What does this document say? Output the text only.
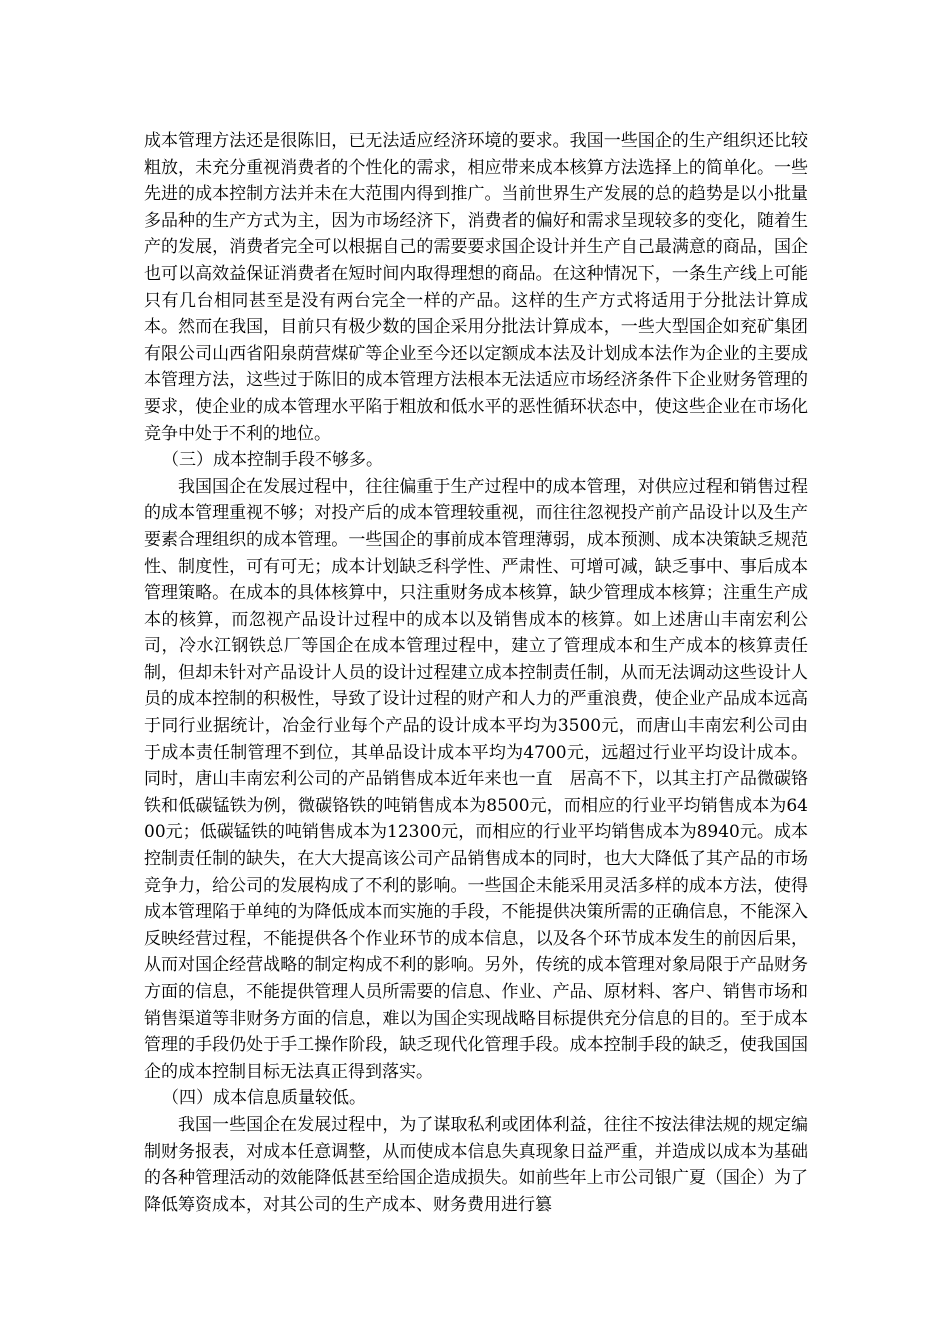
成本管理方法还是很陈旧，已无法适应经济环境的要求。我国一些国企的生产组织还比较粗放，未充分重视消费者的个性化的需求，相应带来成本核算方法选择上的简单化。一些先进的成本控制方法并未在大范围内得到推广。当前世界生产发展的总的趋势是以小批量多品种的生产方式为主，因为市场经济下，消费者的偏好和需求呈现较多的变化，随着生产的发展，消费者完全可以根据自己的需要要求国企设计并生产自己最满意的商品，国企也可以高效益保证消费者在短时间内取得理想的商品。在这种情况下，一条生产线上可能只有几台相同甚至是没有两台完全一样的产品。这样的生产方式将适用于分批法计算成本。然而在我国，目前只有极少数的国企采用分批法计算成本，一些大型国企如兖矿集团有限公司山西省阳泉荫营煤矿等企业至今还以定额成本法及计划成本法作为企业的主要成本管理方法，这些过于陈旧的成本管理方法根本无法适应市场经济条件下企业财务管理的要求，使企业的成本管理水平陷于粗放和低水平的恶性循环状态中，使这些企业在市场化竞争中处于不利的地位。

（三）成本控制手段不够多。

我国国企在发展过程中，往往偏重于生产过程中的成本管理，对供应过程和销售过程的成本管理重视不够；对投产后的成本管理较重视，而往往忽视投产前产品设计以及生产要素合理组织的成本管理。一些国企的事前成本管理薄弱，成本预测、成本决策缺乏规范性、制度性，可有可无；成本计划缺乏科学性、严肃性、可增可减，缺乏事中、事后成本管理策略。在成本的具体核算中，只注重财务成本核算，缺少管理成本核算；注重生产成本的核算，而忽视产品设计过程中的成本以及销售成本的核算。如上述唐山丰南宏利公司，冷水江钢铁总厂等国企在成本管理过程中，建立了管理成本和生产成本的核算责任制，但却未针对产品设计人员的设计过程建立成本控制责任制，从而无法调动这些设计人员的成本控制的积极性，导致了设计过程的财产和人力的严重浪费，使企业产品成本远高于同行业据统计，冶金行业每个产品的设计成本平均为3500元，而唐山丰南宏利公司由于成本责任制管理不到位，其单品设计成本平均为4700元，远超过行业平均设计成本。同时，唐山丰南宏利公司的产品销售成本近年来也一直　居高不下，以其主打产品微碳铬铁和低碳锰铁为例，微碳铬铁的吨销售成本为8500元，而相应的行业平均销售成本为6400元；低碳锰铁的吨销售成本为12300元，而相应的行业平均销售成本为8940元。成本控制责任制的缺失，在大大提高该公司产品销售成本的同时，也大大降低了其产品的市场竞争力，给公司的发展构成了不利的影响。一些国企未能采用灵活多样的成本方法，使得成本管理陷于单纯的为降低成本而实施的手段，不能提供决策所需的正确信息，不能深入反映经营过程，不能提供各个作业环节的成本信息，以及各个环节成本发生的前因后果，从而对国企经营战略的制定构成不利的影响。另外，传统的成本管理对象局限于产品财务方面的信息，不能提供管理人员所需要的信息、作业、产品、原材料、客户、销售市场和销售渠道等非财务方面的信息，难以为国企实现战略目标提供充分信息的目的。至于成本管理的手段仍处于手工操作阶段，缺乏现代化管理手段。成本控制手段的缺乏，使我国国企的成本控制目标无法真正得到落实。

（四）成本信息质量较低。

我国一些国企在发展过程中，为了谋取私利或团体利益，往往不按法律法规的规定编制财务报表，对成本任意调整，从而使成本信息失真现象日益严重，并造成以成本为基础的各种管理活动的效能降低甚至给国企造成损失。如前些年上市公司银广夏（国企）为了降低筹资成本，对其公司的生产成本、财务费用进行篡
